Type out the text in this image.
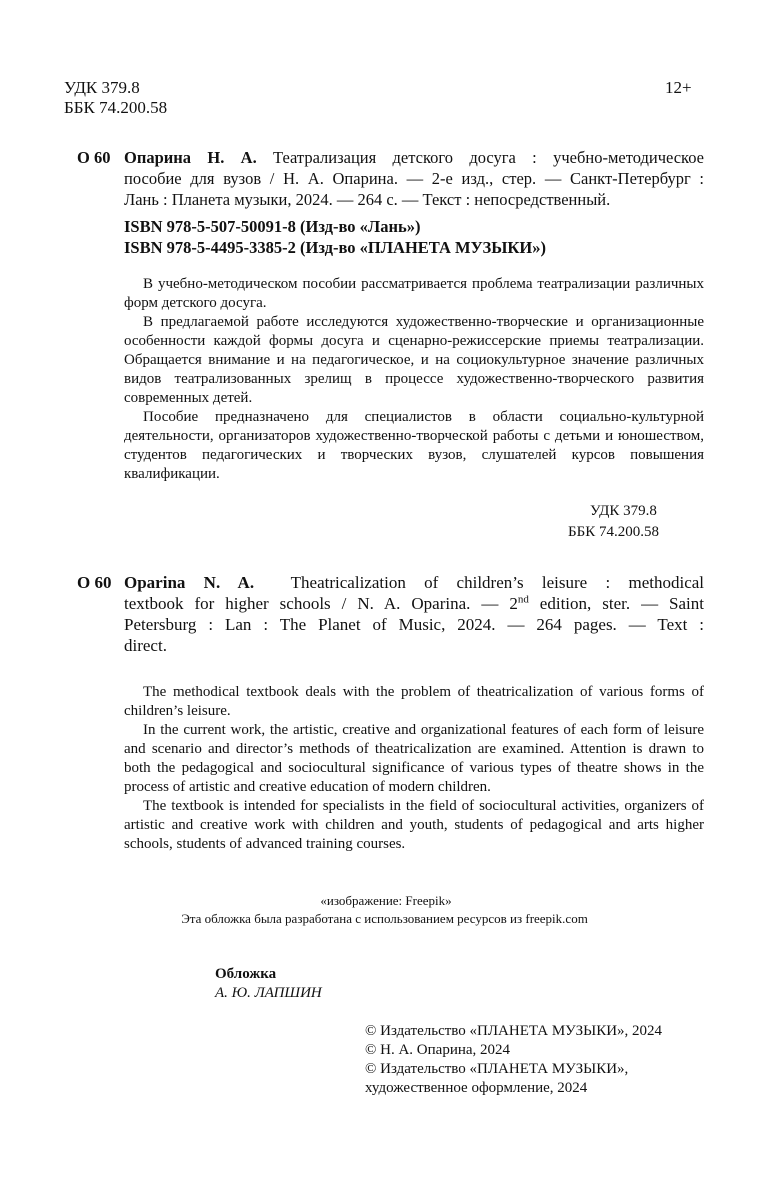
УДК 379.8
ББК 74.200.58
12+
О 60 Опарина Н. А. Театрализация детского досуга : учебно-методическое
пособие для вузов / Н. А. Опарина. — 2-е изд., стер. — Санкт-Петербург :
Лань : Планета музыки, 2024. — 264 с. — Текст : непосредственный.
ISBN 978-5-507-50091-8 (Изд-во «Лань»)
ISBN 978-5-4495-3385-2 (Изд-во «ПЛАНЕТА МУЗЫКИ»)

В учебно-методическом пособии рассматривается проблема театрализации различных форм детского досуга.

В предлагаемой работе исследуются художественно-творческие и организационные особенности каждой формы досуга и сценарно-режиссерские приемы театрализации. Обращается внимание и на педагогическое, и на социокультурное значение различных видов театрализованных зрелищ в процессе художественно-творческого развития современных детей.

Пособие предназначено для специалистов в области социально-культурной деятельности, организаторов художественно-творческой работы с детьми и юношеством, студентов педагогических и творческих вузов, слушателей курсов повышения квалификации.

УДК 379.8
ББК 74.200.58
О 60 Oparina N. A. Theatricalization of children’s leisure : methodical
textbook for higher schools / N. A. Oparina. — 2nd edition, ster. — Saint
Petersburg : Lan : The Planet of Music, 2024. — 264 pages. — Text :
direct.

The methodical textbook deals with the problem of theatricalization of various forms of children’s leisure.

In the current work, the artistic, creative and organizational features of each form of leisure and scenario and director’s methods of theatricalization are examined. Attention is drawn to both the pedagogical and sociocultural significance of various types of theatre shows in the process of artistic and creative education of modern children.

The textbook is intended for specialists in the field of sociocultural activities, organizers of artistic and creative work with children and youth, students of pedagogical and arts higher schools, students of advanced training courses.

«изображение: Freepik»
Эта обложка была разработана с использованием ресурсов из freepik.com
Обложка
А. Ю. ЛАПШИН
© Издательство «ПЛАНЕТА МУЗЫКИ», 2024
© Н. А. Опарина, 2024
© Издательство «ПЛАНЕТА МУЗЫКИ»,
художественное оформление, 2024
